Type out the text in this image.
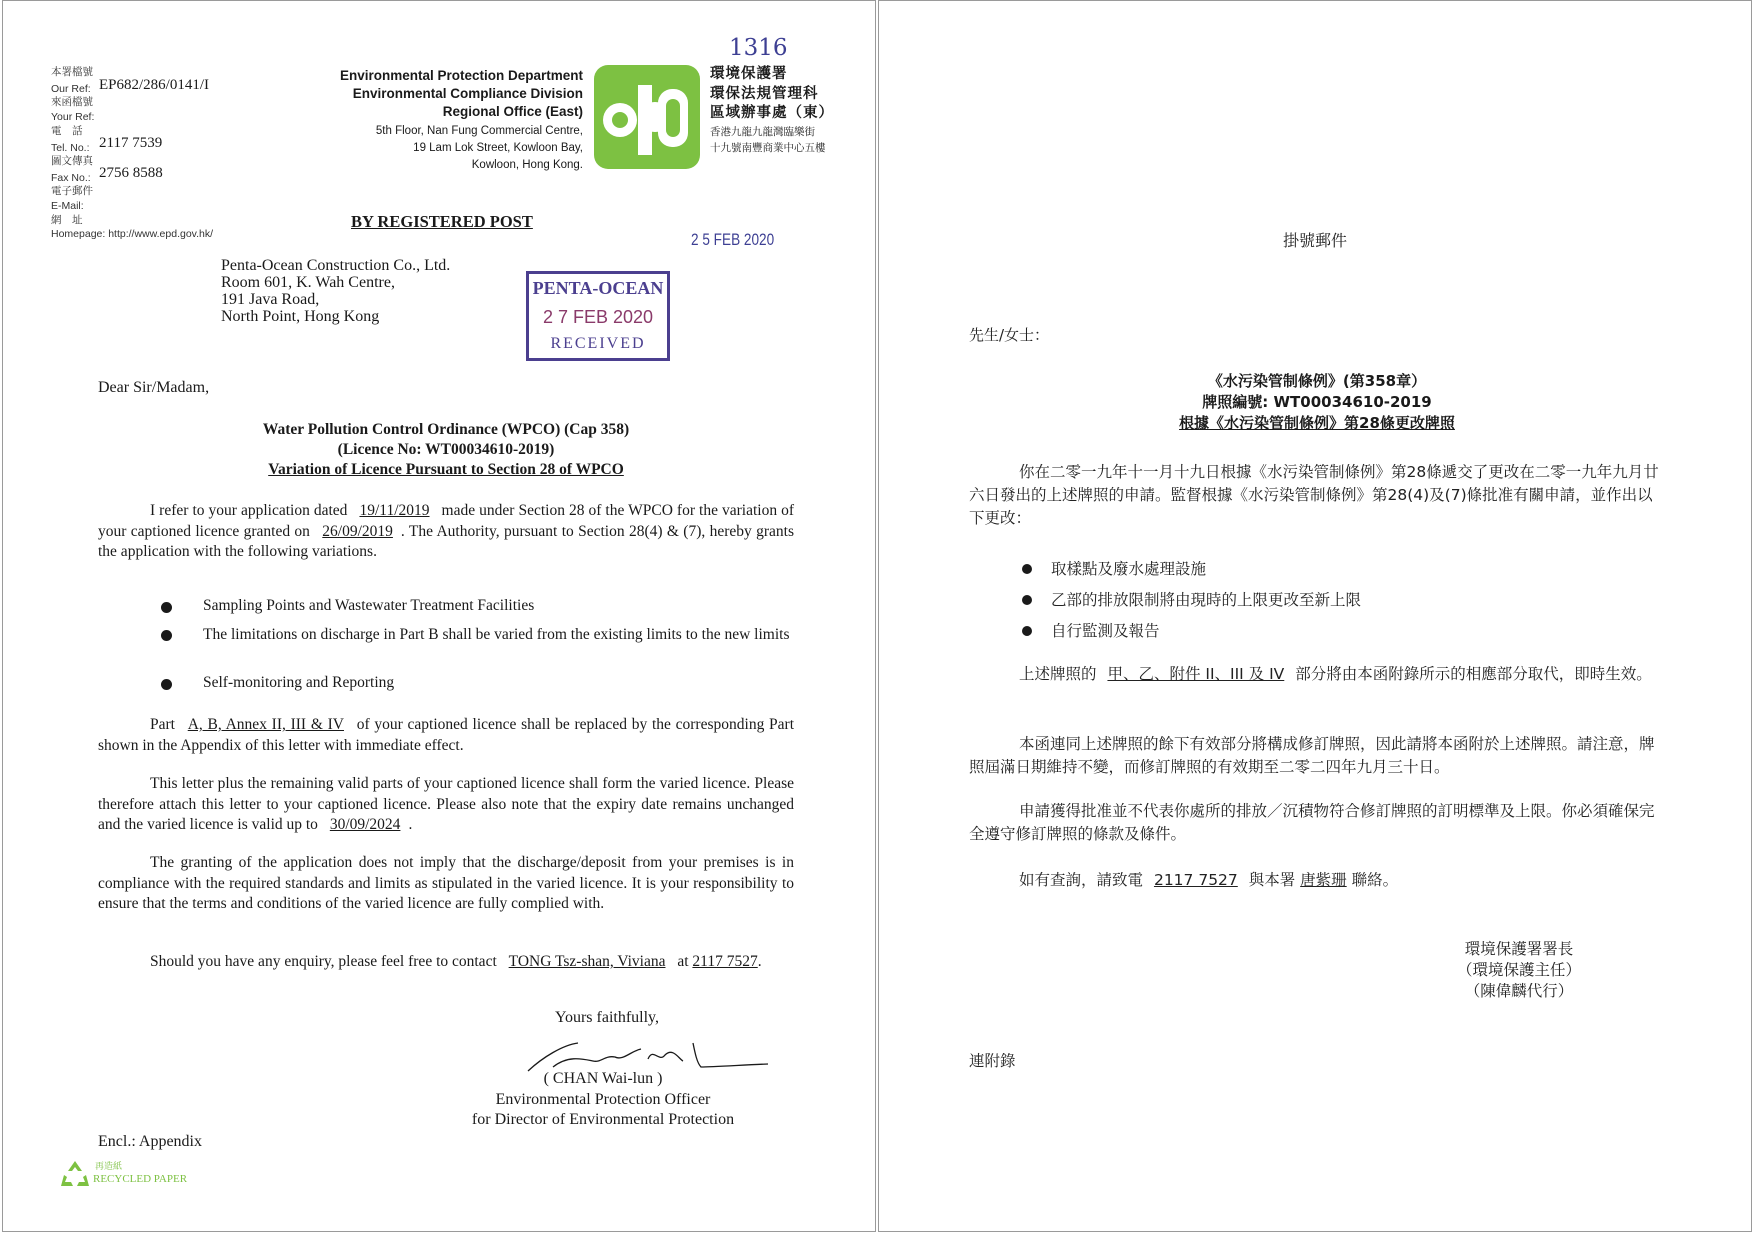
1316
本署檔號
Our Ref: EP682/286/0141/I
來函檔號
Your Ref:
電　話
Tel. No.: 2117 7539
圖文傳真
Fax No.: 2756 8588
電子郵件
E-Mail:
網　址
Homepage: http://www.epd.gov.hk/
Environmental Protection Department
Environmental Compliance Division
Regional Office (East)
5th Floor, Nan Fung Commercial Centre,
19 Lam Lok Street, Kowloon Bay,
Kowloon, Hong Kong.
環境保護署
環保法規管理科
區域辦事處（東）
香港九龍九龍灣臨樂街
十九號南豐商業中心五樓
BY REGISTERED POST
2 5 FEB 2020
Penta-Ocean Construction Co., Ltd.
Room 601, K. Wah Centre,
191 Java Road,
North Point, Hong Kong
PENTA-OCEAN
2 7 FEB 2020
RECEIVED
Dear Sir/Madam,
Water Pollution Control Ordinance (WPCO) (Cap 358)
(Licence No: WT00034610-2019)
Variation of Licence Pursuant to Section 28 of WPCO
I refer to your application dated 19/11/2019 made under Section 28 of the WPCO for the variation of your captioned licence granted on 26/09/2019 . The Authority, pursuant to Section 28(4) & (7), hereby grants the application with the following variations.
Sampling Points and Wastewater Treatment Facilities
The limitations on discharge in Part B shall be varied from the existing limits to the new limits
Self-monitoring and Reporting
Part A, B, Annex II, III & IV of your captioned licence shall be replaced by the corresponding Part shown in the Appendix of this letter with immediate effect.
This letter plus the remaining valid parts of your captioned licence shall form the varied licence. Please therefore attach this letter to your captioned licence. Please also note that the expiry date remains unchanged and the varied licence is valid up to 30/09/2024 .
The granting of the application does not imply that the discharge/deposit from your premises is in compliance with the required standards and limits as stipulated in the varied licence. It is your responsibility to ensure that the terms and conditions of the varied licence are fully complied with.
Should you have any enquiry, please feel free to contact TONG Tsz-shan, Viviana at 2117 7527.
Yours faithfully,
( CHAN Wai-lun )
Environmental Protection Officer
for Director of Environmental Protection
Encl.: Appendix
再造紙
RECYCLED PAPER
掛號郵件
先生/女士：
《水污染管制條例》(第358章）
牌照編號: WT00034610-2019
根據《水污染管制條例》第28條更改牌照
你在二零一九年十一月十九日根據《水污染管制條例》第28條遞交了更改在二零一九年九月廿六日發出的上述牌照的申請。監督根據《水污染管制條例》第28(4)及(7)條批准有關申請，並作出以下更改：
取樣點及廢水處理設施
乙部的排放限制將由現時的上限更改至新上限
自行監測及報告
上述牌照的 甲、乙、附件 II、III 及 IV 部分將由本函附錄所示的相應部分取代，即時生效。
本函連同上述牌照的餘下有效部分將構成修訂牌照，因此請將本函附於上述牌照。請注意，牌照屆滿日期維持不變，而修訂牌照的有效期至二零二四年九月三十日。
申請獲得批准並不代表你處所的排放／沉積物符合修訂牌照的訂明標準及上限。你必須確保完全遵守修訂牌照的條款及條件。
如有查詢，請致電 2117 7527 與本署 唐紫珊 聯絡。
環境保護署署長
（環境保護主任）
（陳偉麟代行）
連附錄
